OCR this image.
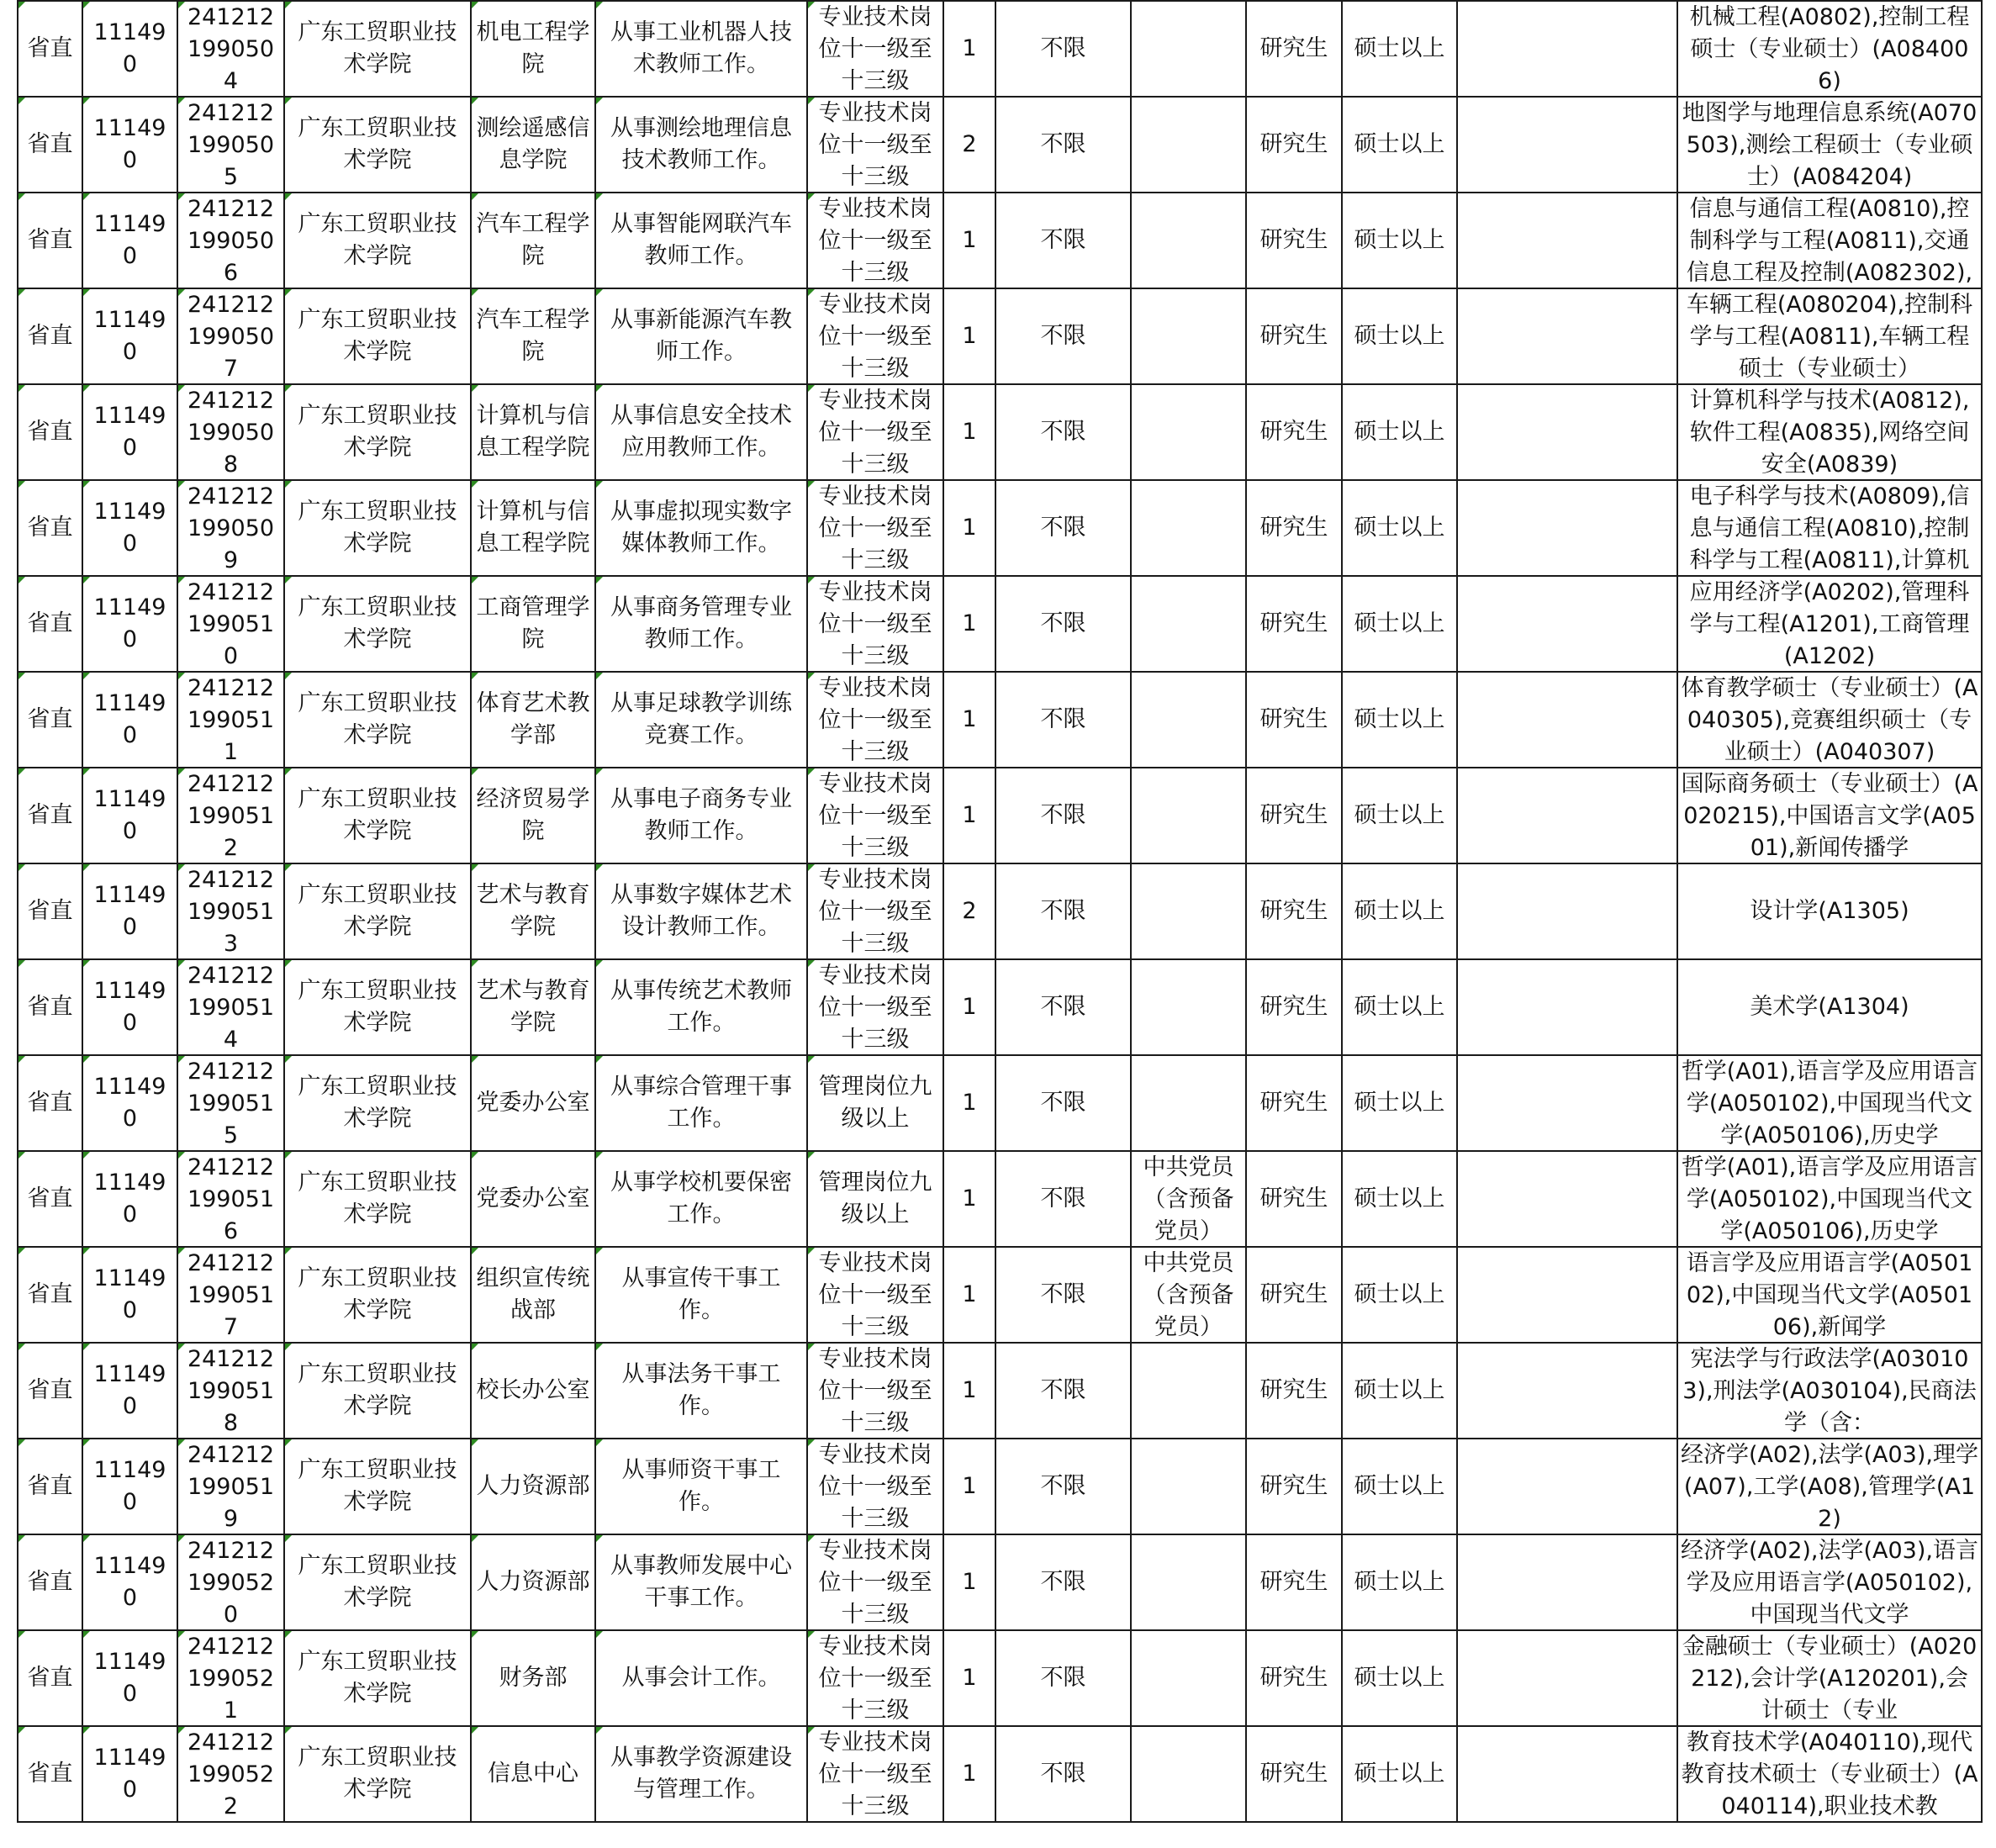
省直	111490	2412121990504	广东工贸职业技术学院	机电工程学院	从事工业机器人技术教师工作。	专业技术岗位十一级至十三级	1	不限		研究生	硕士以上		机械工程(A0802),控制工程硕士（专业硕士）(A084006)

省直	111490	2412121990505	广东工贸职业技术学院	测绘遥感信息学院	从事测绘地理信息技术教师工作。	专业技术岗位十一级至十三级	2	不限		研究生	硕士以上		地图学与地理信息系统(A070503),测绘工程硕士（专业硕士）(A084204)

省直	111490	2412121990506	广东工贸职业技术学院	汽车工程学院	从事智能网联汽车教师工作。	专业技术岗位十一级至十三级	1	不限		研究生	硕士以上		信息与通信工程(A0810),控制科学与工程(A0811),交通信息工程及控制(A082302),

省直	111490	2412121990507	广东工贸职业技术学院	汽车工程学院	从事新能源汽车教师工作。	专业技术岗位十一级至十三级	1	不限		研究生	硕士以上		车辆工程(A080204),控制科学与工程(A0811),车辆工程硕士（专业硕士）

省直	111490	2412121990508	广东工贸职业技术学院	计算机与信息工程学院	从事信息安全技术应用教师工作。	专业技术岗位十一级至十三级	1	不限		研究生	硕士以上		计算机科学与技术(A0812),软件工程(A0835),网络空间安全(A0839)

省直	111490	2412121990509	广东工贸职业技术学院	计算机与信息工程学院	从事虚拟现实数字媒体教师工作。	专业技术岗位十一级至十三级	1	不限		研究生	硕士以上		电子科学与技术(A0809),信息与通信工程(A0810),控制科学与工程(A0811),计算机

省直	111490	2412121990510	广东工贸职业技术学院	工商管理学院	从事商务管理专业教师工作。	专业技术岗位十一级至十三级	1	不限		研究生	硕士以上		应用经济学(A0202),管理科学与工程(A1201),工商管理(A1202)

省直	111490	2412121990511	广东工贸职业技术学院	体育艺术教学部	从事足球教学训练竞赛工作。	专业技术岗位十一级至十三级	1	不限		研究生	硕士以上		体育教学硕士（专业硕士）(A040305),竞赛组织硕士（专业硕士）(A040307)

省直	111490	2412121990512	广东工贸职业技术学院	经济贸易学院	从事电子商务专业教师工作。	专业技术岗位十一级至十三级	1	不限		研究生	硕士以上		国际商务硕士（专业硕士）(A020215),中国语言文学(A0501),新闻传播学

省直	111490	2412121990513	广东工贸职业技术学院	艺术与教育学院	从事数字媒体艺术设计教师工作。	专业技术岗位十一级至十三级	2	不限		研究生	硕士以上		设计学(A1305)

省直	111490	2412121990514	广东工贸职业技术学院	艺术与教育学院	从事传统艺术教师工作。	专业技术岗位十一级至十三级	1	不限		研究生	硕士以上		美术学(A1304)

省直	111490	2412121990515	广东工贸职业技术学院	党委办公室	从事综合管理干事工作。	管理岗位九级以上	1	不限		研究生	硕士以上		哲学(A01),语言学及应用语言学(A050102),中国现当代文学(A050106),历史学

省直	111490	2412121990516	广东工贸职业技术学院	党委办公室	从事学校机要保密工作。	管理岗位九级以上	1	不限	中共党员（含预备党员）	研究生	硕士以上		哲学(A01),语言学及应用语言学(A050102),中国现当代文学(A050106),历史学

省直	111490	2412121990517	广东工贸职业技术学院	组织宣传统战部	从事宣传干事工作。	专业技术岗位十一级至十三级	1	不限	中共党员（含预备党员）	研究生	硕士以上		语言学及应用语言学(A050102),中国现当代文学(A050106),新闻学

省直	111490	2412121990518	广东工贸职业技术学院	校长办公室	从事法务干事工作。	专业技术岗位十一级至十三级	1	不限		研究生	硕士以上		宪法学与行政法学(A030103),刑法学(A030104),民商法学（含：

省直	111490	2412121990519	广东工贸职业技术学院	人力资源部	从事师资干事工作。	专业技术岗位十一级至十三级	1	不限		研究生	硕士以上		经济学(A02),法学(A03),理学(A07),工学(A08),管理学(A12)

省直	111490	2412121990520	广东工贸职业技术学院	人力资源部	从事教师发展中心干事工作。	专业技术岗位十一级至十三级	1	不限		研究生	硕士以上		经济学(A02),法学(A03),语言学及应用语言学(A050102),中国现当代文学

省直	111490	2412121990521	广东工贸职业技术学院	财务部	从事会计工作。	专业技术岗位十一级至十三级	1	不限		研究生	硕士以上		金融硕士（专业硕士）(A020212),会计学(A120201),会计硕士（专业

省直	111490	2412121990522	广东工贸职业技术学院	信息中心	从事教学资源建设与管理工作。	专业技术岗位十一级至十三级	1	不限		研究生	硕士以上		教育技术学(A040110),现代教育技术硕士（专业硕士）(A040114),职业技术教
